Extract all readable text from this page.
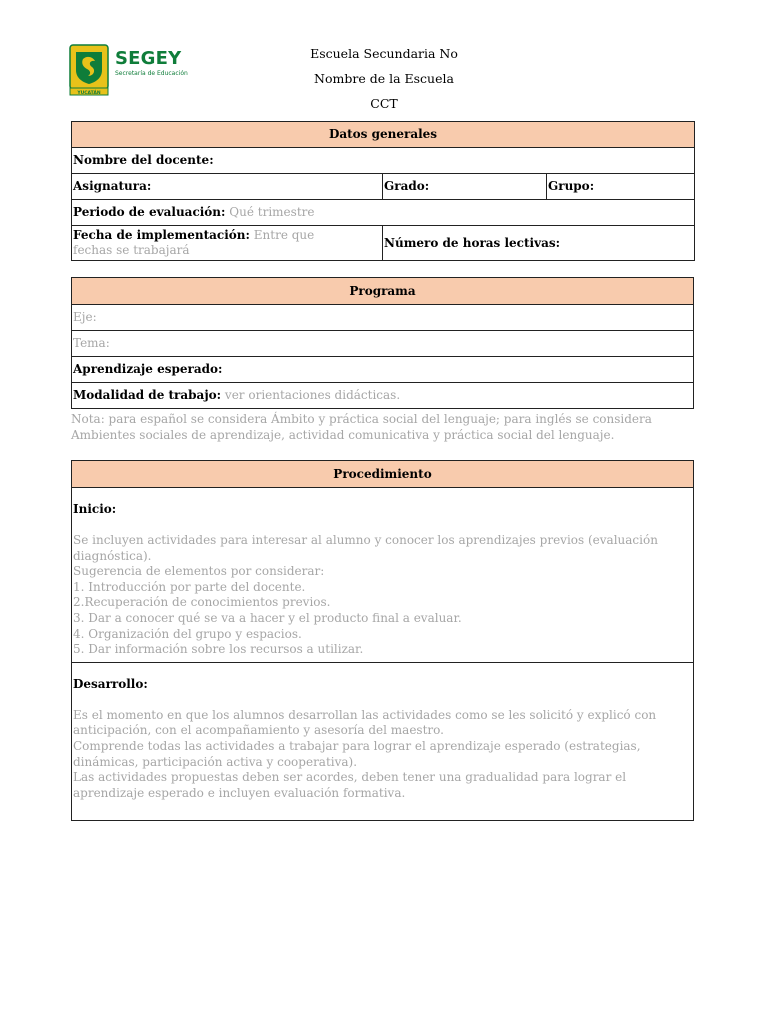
YUCATÁN
SEGEY
Secretaría de Educación
Escuela Secundaria No
Nombre de la Escuela
CCT
Datos generales		
Nombre del docente:		
Asignatura:	Grado:	Grupo:
Periodo de evaluación: Qué trimestre		
Fecha de implementación: Entre que fechas se trabajará	Número de horas lectivas:	
Programa
Eje:
Tema:
Aprendizaje esperado:
Modalidad de trabajo: ver orientaciones didácticas.
Nota: para español se considera Ámbito y práctica social del lenguaje; para inglés se considera Ambientes sociales de aprendizaje, actividad comunicativa y práctica social del lenguaje.
Procedimiento

Inicio:
Se incluyen actividades para interesar al alumno y conocer los aprendizajes previos (evaluación diagnóstica).
Sugerencia de elementos por considerar:
1. Introducción por parte del docente.
2.Recuperación de conocimientos previos.
3. Dar a conocer qué se va a hacer y el producto final a evaluar.
4. Organización del grupo y espacios.
5. Dar información sobre los recursos a utilizar.

Desarrollo:
Es el momento en que los alumnos desarrollan las actividades como se les solicitó y explicó con anticipación, con el acompañamiento y asesoría del maestro.
Comprende todas las actividades a trabajar para lograr el aprendizaje esperado (estrategias, dinámicas, participación activa y cooperativa).
Las actividades propuestas deben ser acordes, deben tener una gradualidad para lograr el aprendizaje esperado e incluyen evaluación formativa.
